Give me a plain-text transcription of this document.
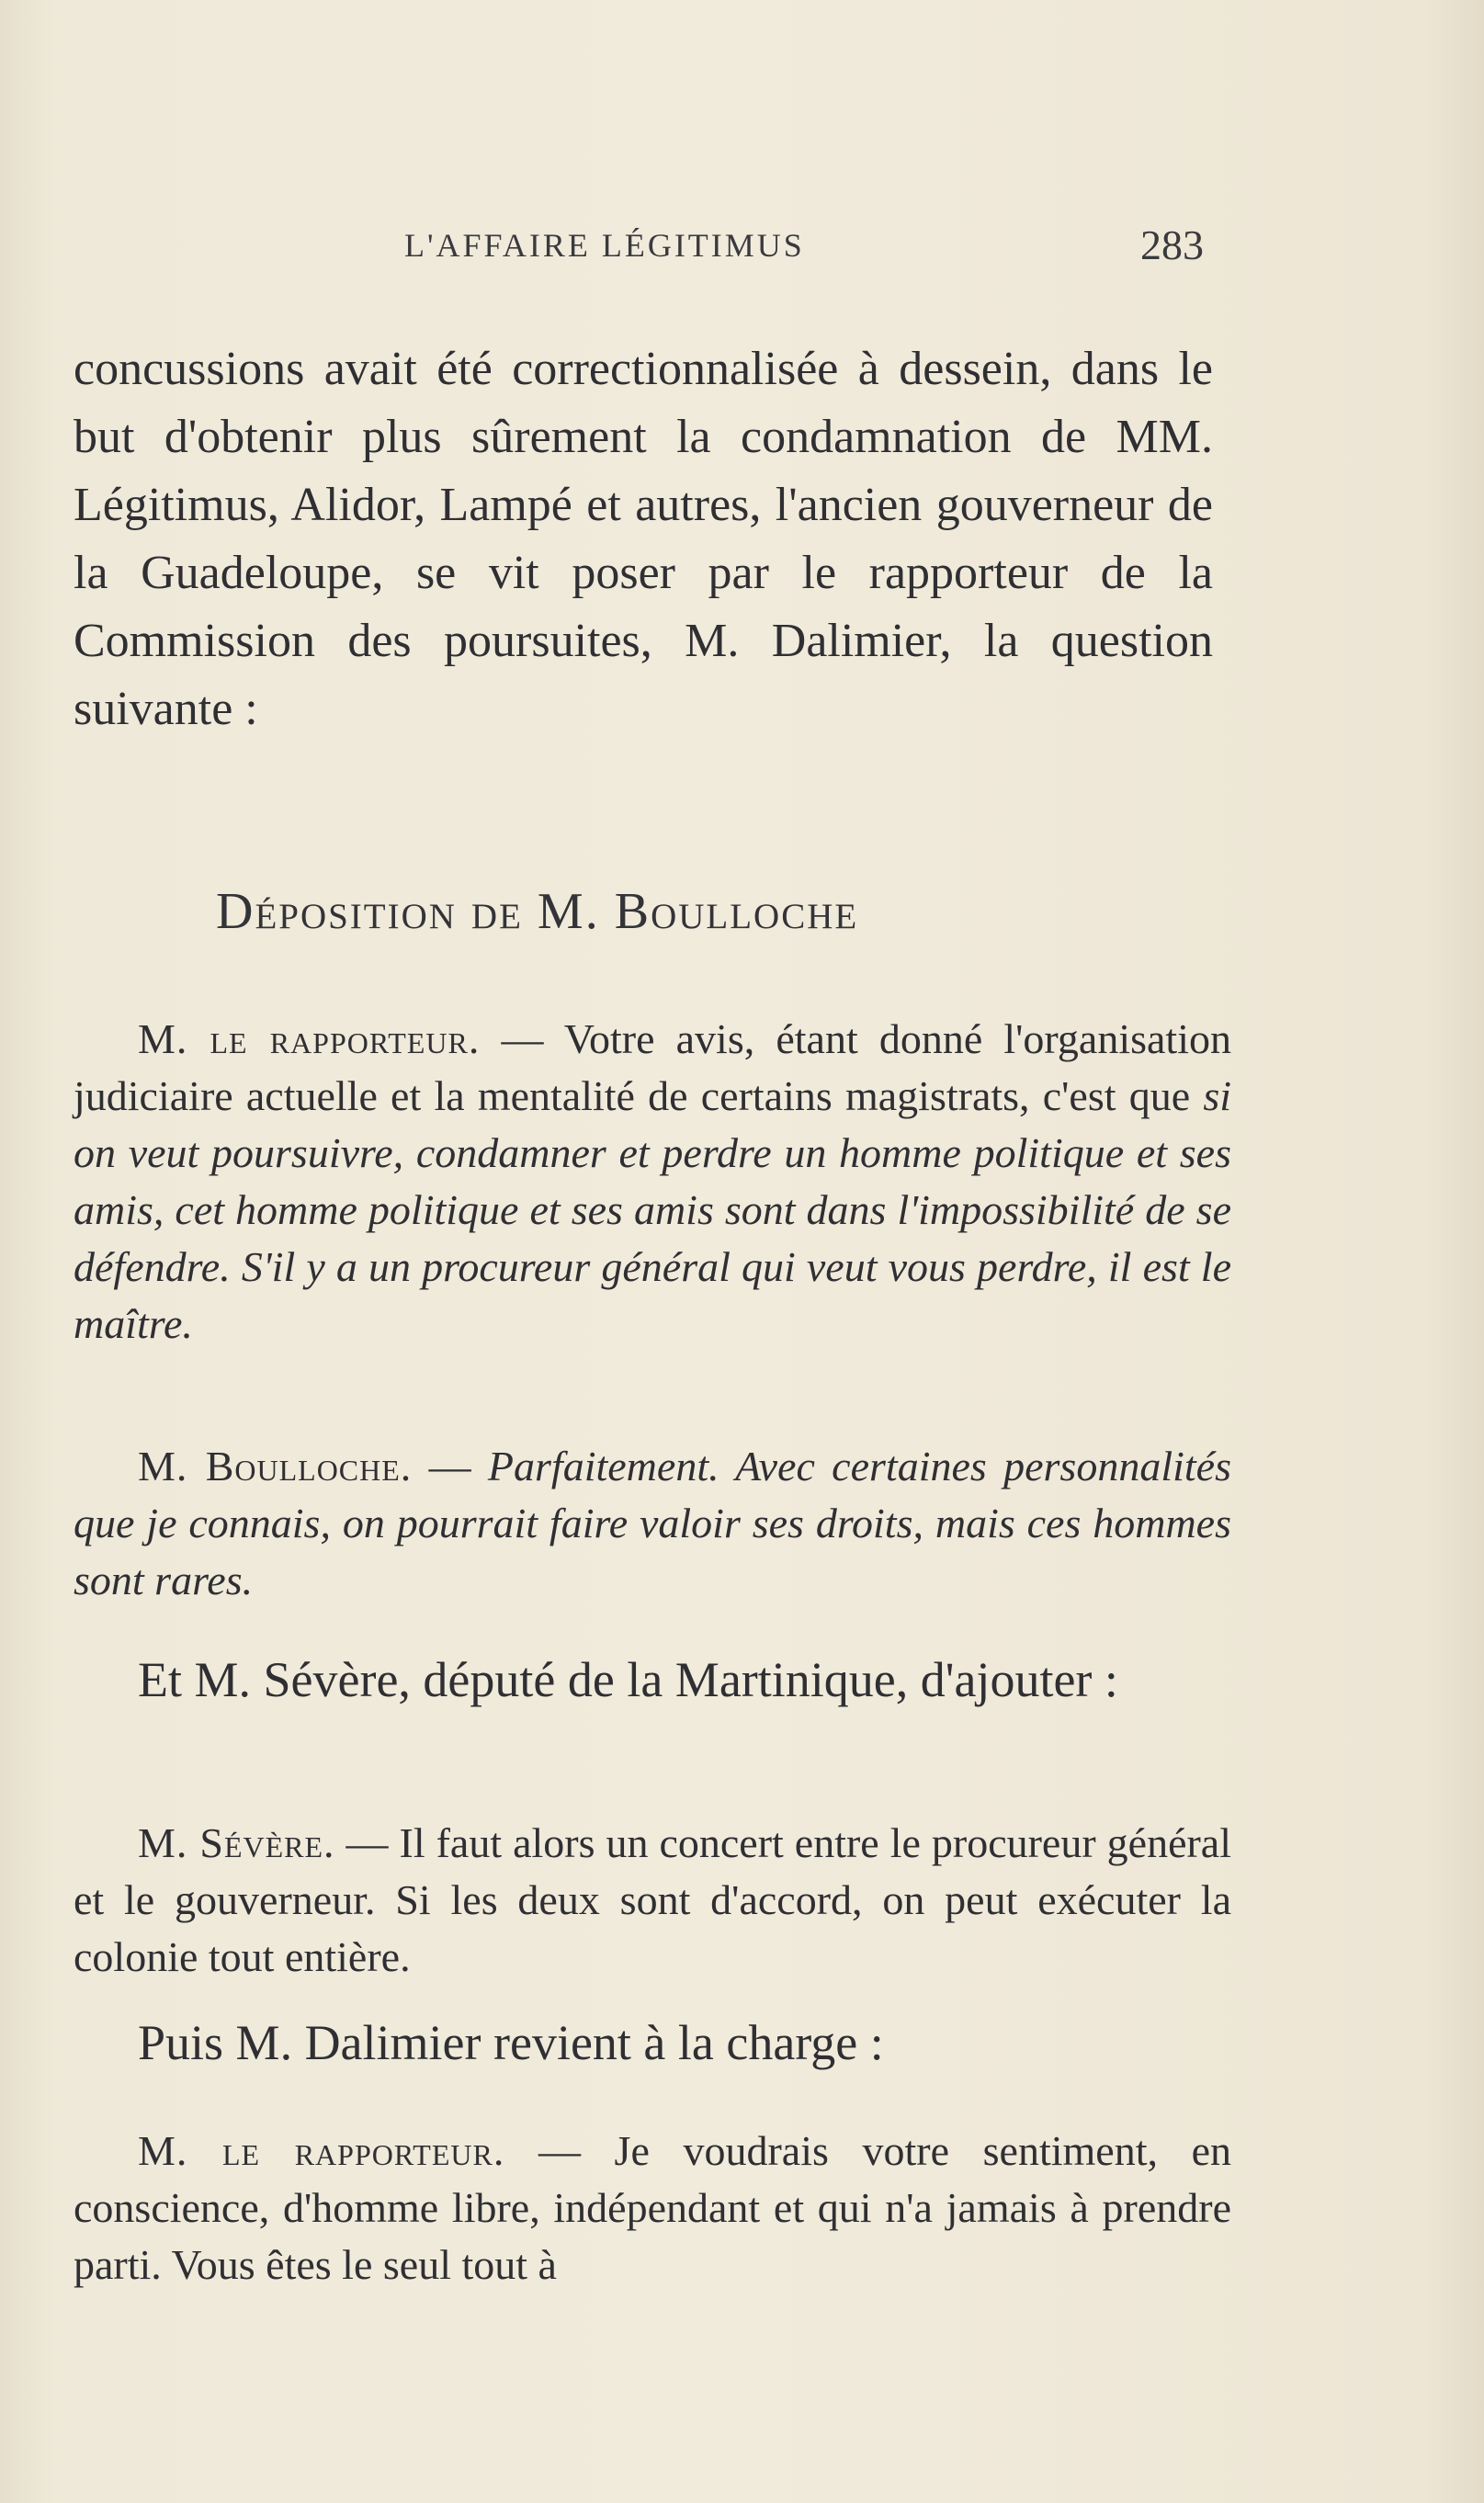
L'AFFAIRE LÉGITIMUS	283

concussions avait été correctionnalisée à dessein, dans le but d'obtenir plus sûrement la condamnation de MM. Légitimus, Alidor, Lampé et autres, l'ancien gouverneur de la Guadeloupe, se vit poser par le rapporteur de la Commission des poursuites, M. Dalimier, la question suivante :

Déposition de M. Boulloche

M. le rapporteur. — Votre avis, étant donné l'organisation judiciaire actuelle et la mentalité de certains magistrats, c'est que si on veut poursuivre, condamner et perdre un homme politique et ses amis, cet homme politique et ses amis sont dans l'impossibilité de se défendre. S'il y a un procureur général qui veut vous perdre, il est le maître.

M. Boulloche. — Parfaitement. Avec certaines personnalités que je connais, on pourrait faire valoir ses droits, mais ces hommes sont rares.

Et M. Sévère, député de la Martinique, d'ajouter :

M. Sévère. — Il faut alors un concert entre le procureur général et le gouverneur. Si les deux sont d'accord, on peut exécuter la colonie tout entière.

Puis M. Dalimier revient à la charge :

M. le rapporteur. — Je voudrais votre sentiment, en conscience, d'homme libre, indépendant et qui n'a jamais à prendre parti. Vous êtes le seul tout à
